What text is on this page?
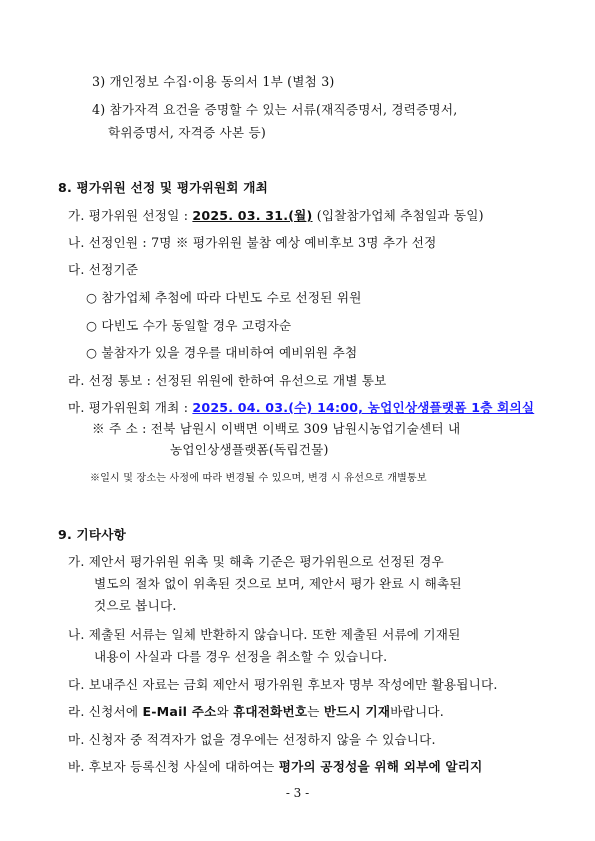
3) 개인정보 수집·이용 동의서 1부 (별첨 3)
4) 참가자격 요건을 증명할 수 있는 서류(재직증명서, 경력증명서,
학위증명서, 자격증 사본 등)
8. 평가위원 선정 및 평가위원회 개최
가. 평가위원 선정일 : 2025. 03. 31.(월) (입찰참가업체 추첨일과 동일)
나. 선정인원 : 7명 ※ 평가위원 불참 예상 예비후보 3명 추가 선정
다. 선정기준
○ 참가업체 추첨에 따라 다빈도 수로 선정된 위원
○ 다빈도 수가 동일할 경우 고령자순
○ 불참자가 있을 경우를 대비하여 예비위원 추첨
라. 선정 통보 : 선정된 위원에 한하여 유선으로 개별 통보
마. 평가위원회 개최 : 2025. 04. 03.(수) 14:00, 농업인상생플랫폼 1층 회의실
※ 주 소 : 전북 남원시 이백면 이백로 309 남원시농업기술센터 내
농업인상생플랫폼(독립건물)
※일시 및 장소는 사정에 따라 변경될 수 있으며, 변경 시 유선으로 개별통보
9. 기타사항
가. 제안서 평가위원 위촉 및 해촉 기준은 평가위원으로 선정된 경우
별도의 절차 없이 위촉된 것으로 보며, 제안서 평가 완료 시 해촉된
것으로 봅니다.
나. 제출된 서류는 일체 반환하지 않습니다. 또한 제출된 서류에 기재된
내용이 사실과 다를 경우 선정을 취소할 수 있습니다.
다. 보내주신 자료는 금회 제안서 평가위원 후보자 명부 작성에만 활용됩니다.
라. 신청서에 E-Mail 주소와 휴대전화번호는 반드시 기재바랍니다.
마. 신청자 중 적격자가 없을 경우에는 선정하지 않을 수 있습니다.
바. 후보자 등록신청 사실에 대하여는 평가의 공정성을 위해 외부에 알리지
- 3 -
